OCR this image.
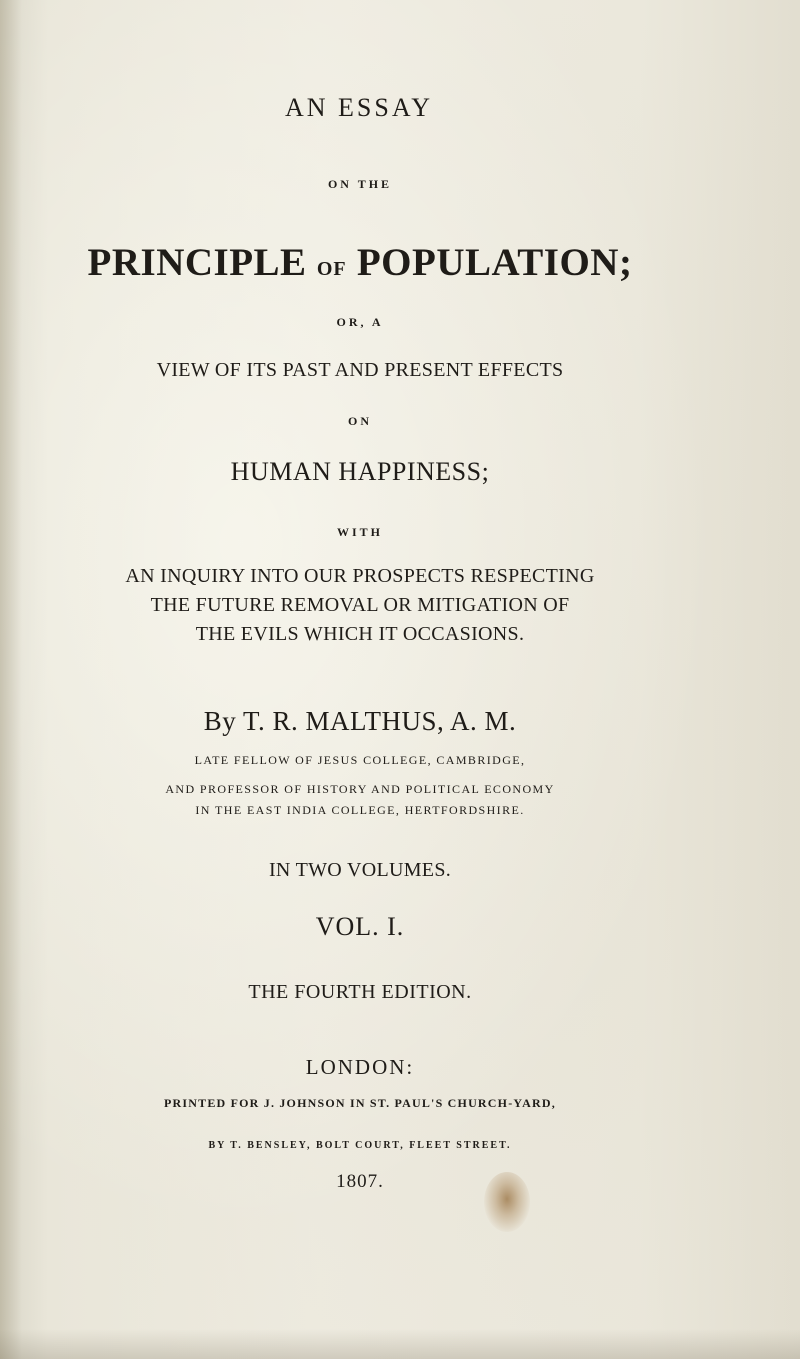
AN ESSAY
ON THE
PRINCIPLE OF POPULATION;
OR, A
VIEW OF ITS PAST AND PRESENT EFFECTS
ON
HUMAN HAPPINESS;
WITH
AN INQUIRY INTO OUR PROSPECTS RESPECTING
THE FUTURE REMOVAL OR MITIGATION OF
THE EVILS WHICH IT OCCASIONS.
By T. R. MALTHUS, A. M.
LATE FELLOW OF JESUS COLLEGE, CAMBRIDGE,
AND PROFESSOR OF HISTORY AND POLITICAL ECONOMY
IN THE EAST INDIA COLLEGE, HERTFORDSHIRE.
IN TWO VOLUMES.
VOL. I.
THE FOURTH EDITION.
LONDON:
PRINTED FOR J. JOHNSON IN ST. PAUL'S CHURCH-YARD,
BY T. BENSLEY, BOLT COURT, FLEET STREET.
1807.
